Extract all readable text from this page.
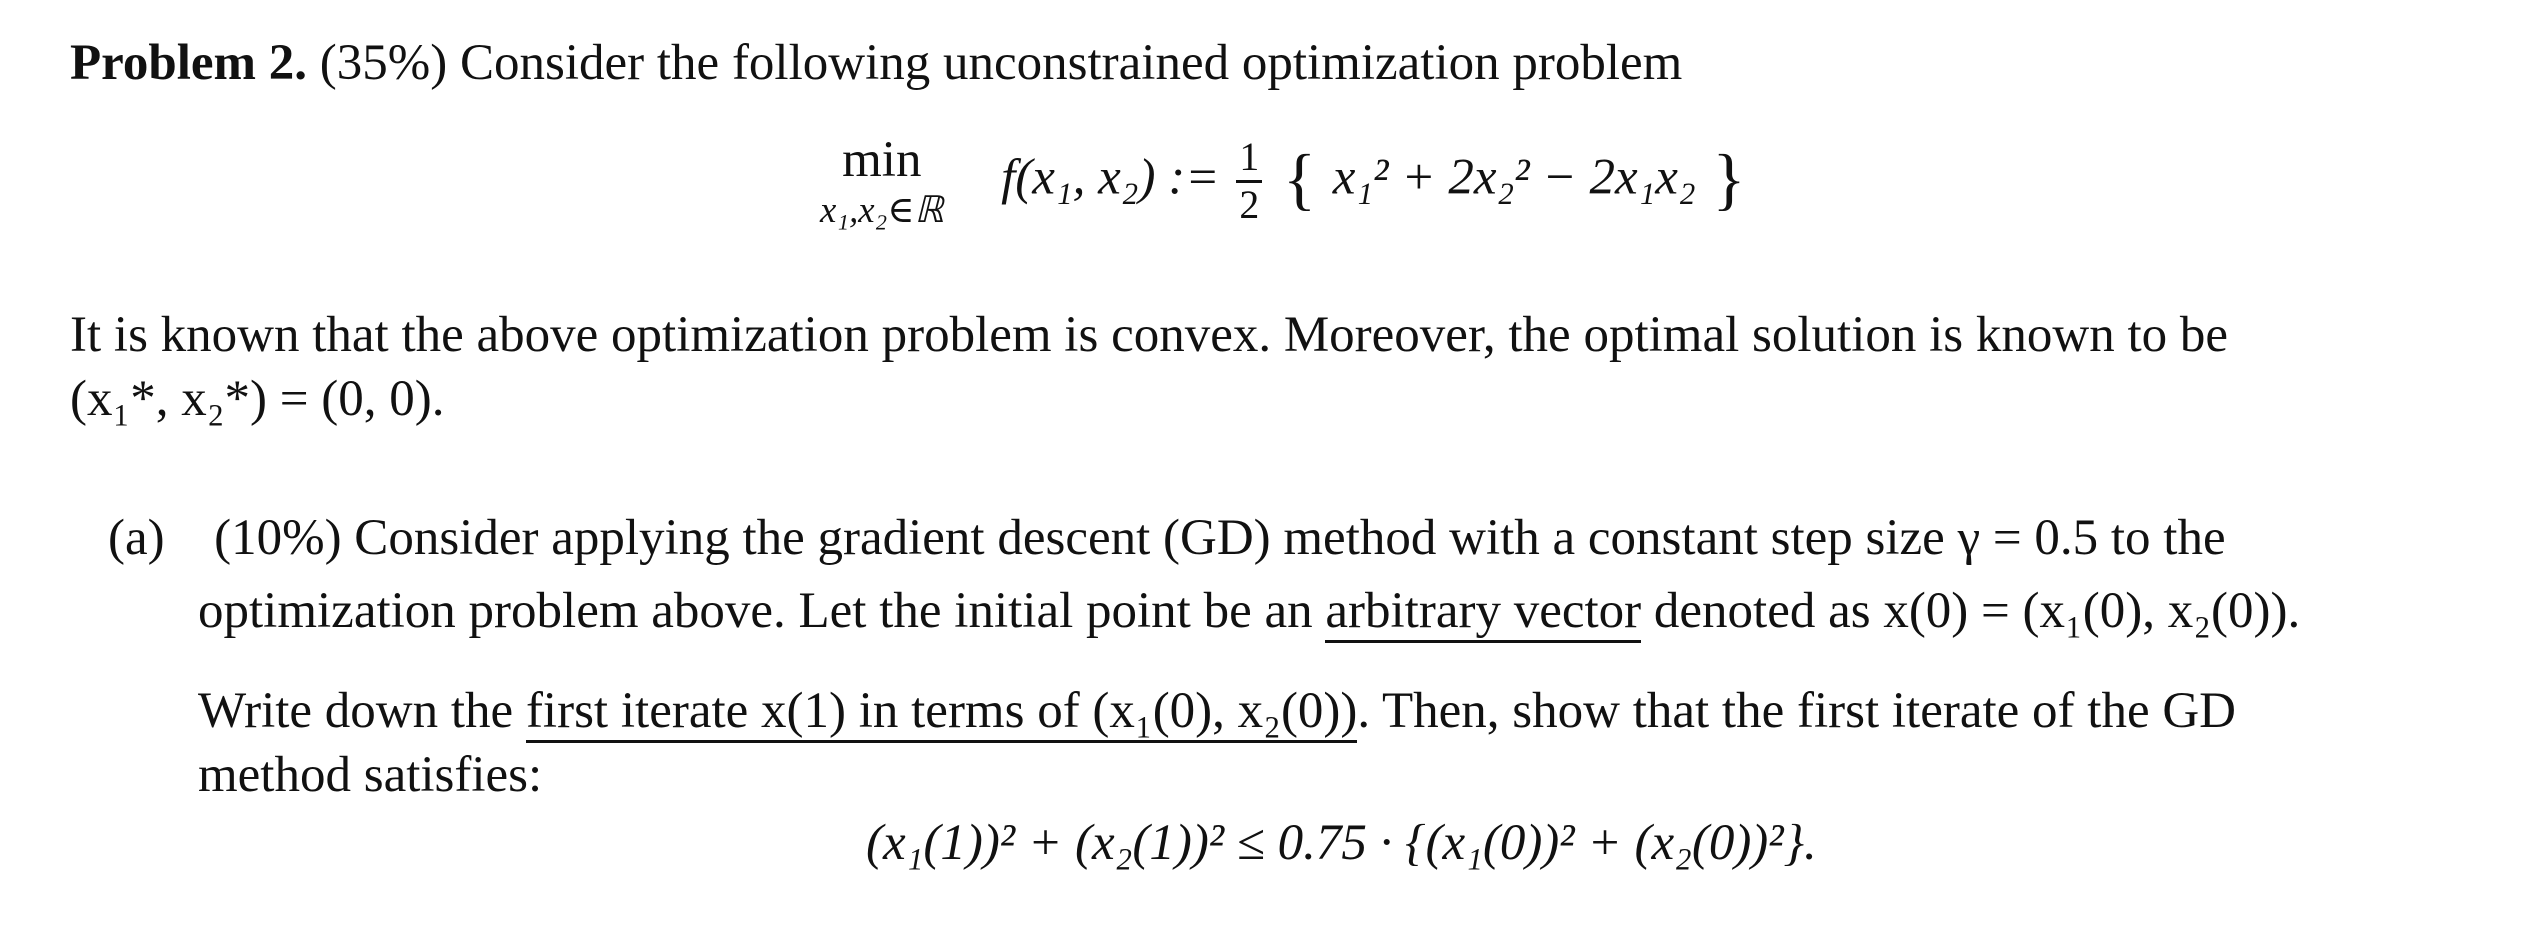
Problem 2. (35%) Consider the following unconstrained optimization problem
min
x₁,x₂∈ℝ
f(x₁, x₂) := $\frac{1}{2}$ { x₁² + 2x₂² − 2x₁x₂ }
It is known that the above optimization problem is convex. Moreover, the optimal solution is known to be
(x₁*, x₂*) = (0, 0).
(a) (10%) Consider applying the gradient descent (GD) method with a constant step size γ = 0.5 to the
optimization problem above. Let the initial point be an arbitrary vector denoted as x(0) = (x₁(0), x₂(0)).
Write down the first iterate x(1) in terms of (x₁(0), x₂(0)). Then, show that the first iterate of the GD
method satisfies:
(x₁(1))² + (x₂(1))² ≤ 0.75 · {(x₁(0))² + (x₂(0))²}.
